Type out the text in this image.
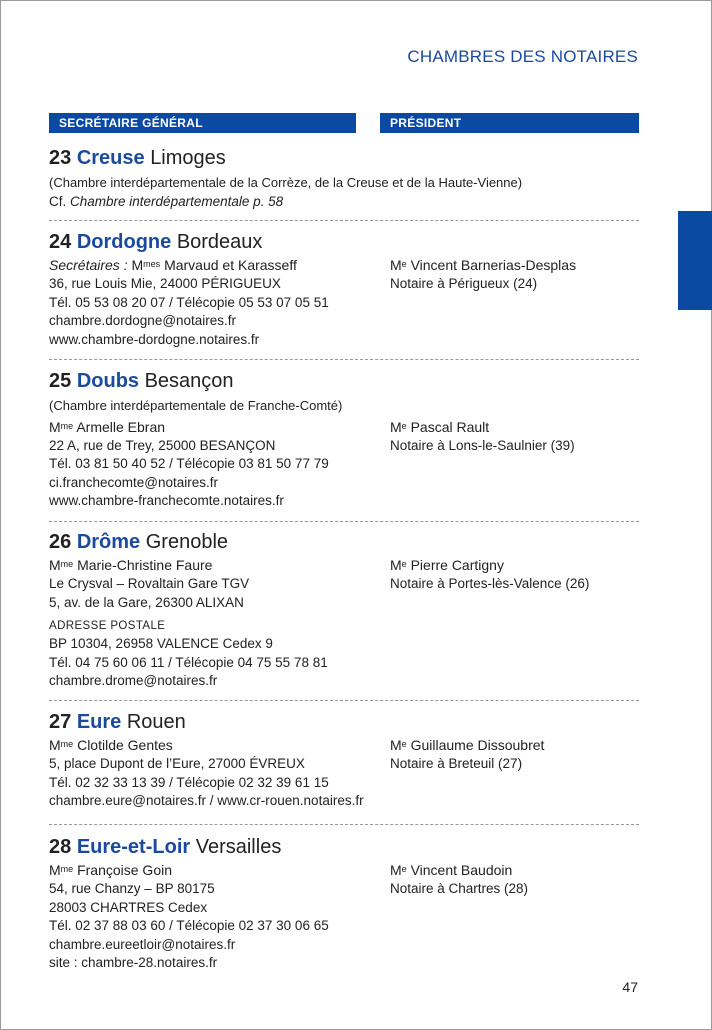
CHAMBRES DES NOTAIRES
SECRÉTAIRE GÉNÉRAL	PRÉSIDENT
23 Creuse Limoges
(Chambre interdépartementale de la Corrèze, de la Creuse et de la Haute-Vienne)
Cf. Chambre interdépartementale p. 58
24 Dordogne Bordeaux
Secrétaires : $M^{mes}$ Marvaud et Karasseff
36, rue Louis Mie, 24000 PÉRIGUEUX
Tél. 05 53 08 20 07 / Télécopie 05 53 07 05 51
chambre.dordogne@notaires.fr
www.chambre-dordogne.notaires.fr
Me Vincent Barnerias-Desplas
Notaire à Périgueux (24)
25 Doubs Besançon
(Chambre interdépartementale de Franche-Comté)
$M^{me}$ Armelle Ebran
22 A, rue de Trey, 25000 BESANÇON
Tél. 03 81 50 40 52 / Télécopie 03 81 50 77 79
ci.franchecomte@notaires.fr
www.chambre-franchecomte.notaires.fr
Me Pascal Rault
Notaire à Lons-le-Saulnier (39)
26 Drôme Grenoble
$M^{me}$ Marie-Christine Faure
Le Crysval – Rovaltain Gare TGV
5, av. de la Gare, 26300 ALIXAN
ADRESSE POSTALE
BP 10304, 26958 VALENCE Cedex 9
Tél. 04 75 60 06 11 / Télécopie 04 75 55 78 81
chambre.drome@notaires.fr
Me Pierre Cartigny
Notaire à Portes-lès-Valence (26)
27 Eure Rouen
$M^{me}$ Clotilde Gentes
5, place Dupont de l’Eure, 27000 ÉVREUX
Tél. 02 32 33 13 39 / Télécopie 02 32 39 61 15
chambre.eure@notaires.fr / www.cr-rouen.notaires.fr
Me Guillaume Dissoubret
Notaire à Breteuil (27)
28 Eure-et-Loir Versailles
$M^{me}$ Françoise Goin
54, rue Chanzy – BP 80175
28003 CHARTRES Cedex
Tél. 02 37 88 03 60 / Télécopie 02 37 30 06 65
chambre.eureetloir@notaires.fr
site : chambre-28.notaires.fr
Me Vincent Baudoin
Notaire à Chartres (28)
47
